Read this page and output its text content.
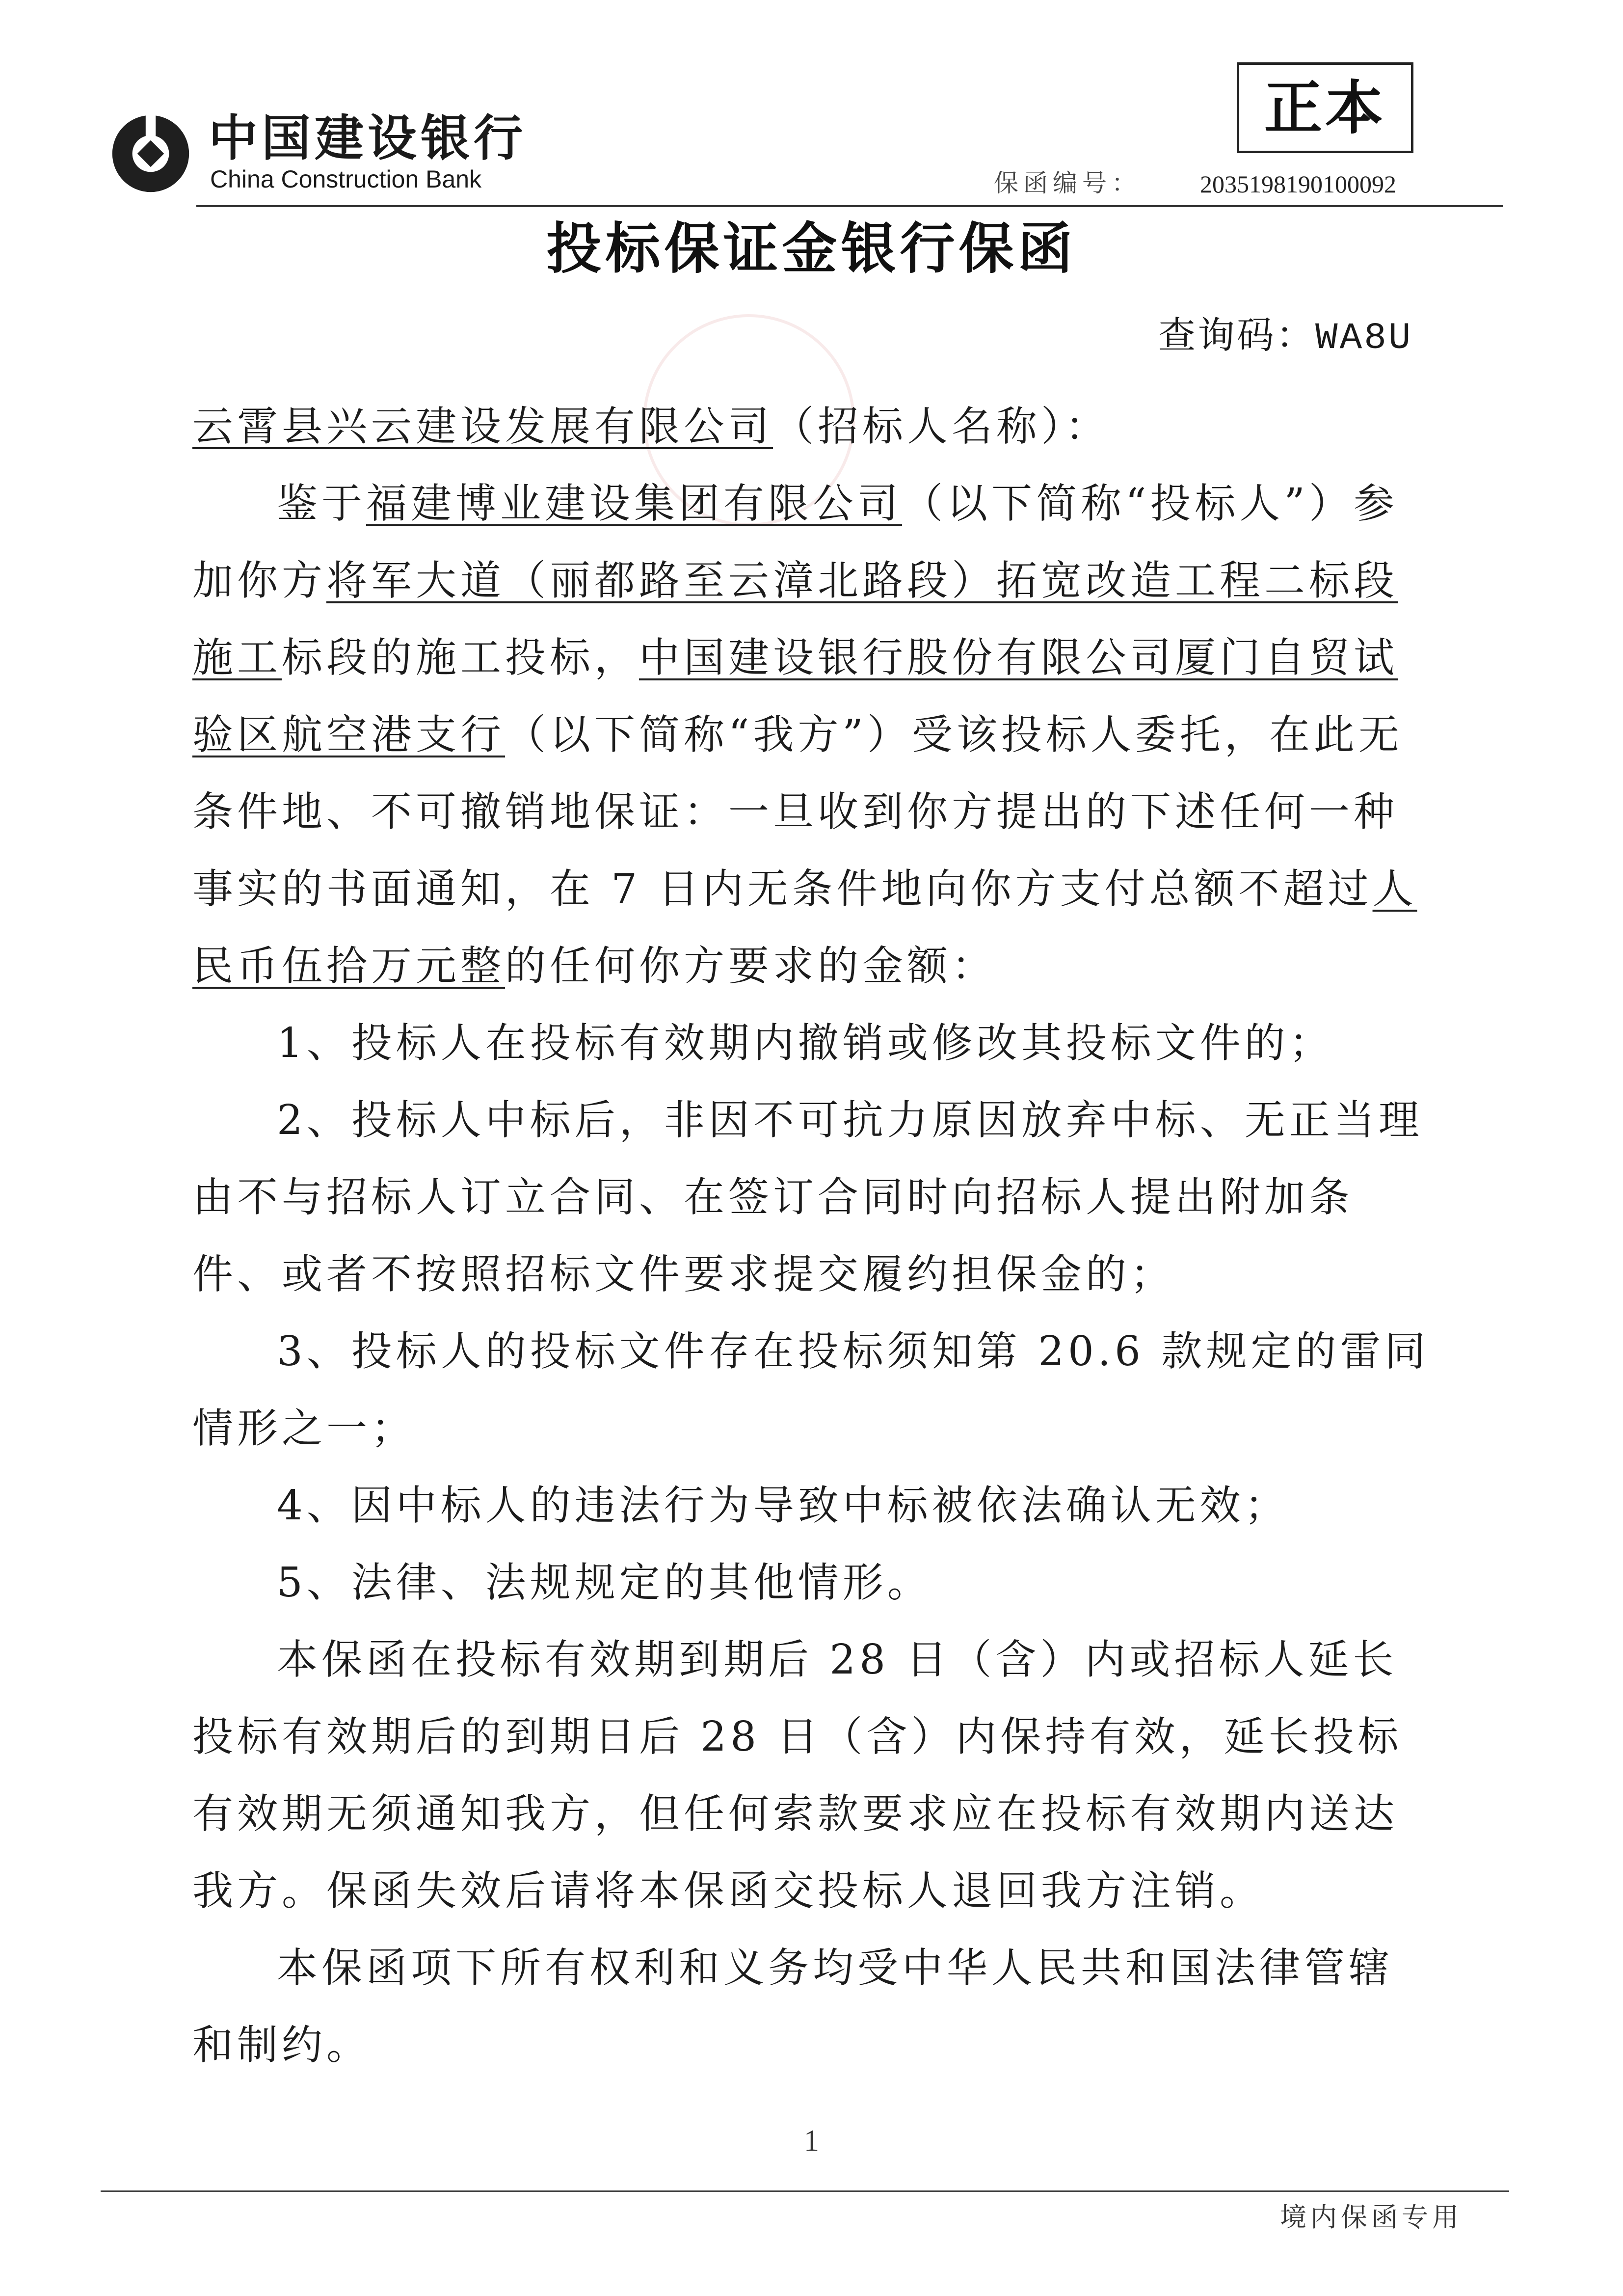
中国建设银行
China Construction Bank
正本
保函编号： 2035198190100092
投标保证金银行保函
查询码：WA8U

云霄县兴云建设发展有限公司（招标人名称）：

鉴于福建博业建设集团有限公司（以下简称“投标人”）参加你方将军大道（丽都路至云漳北路段）拓宽改造工程二标段施工标段的施工投标，中国建设银行股份有限公司厦门自贸试验区航空港支行（以下简称“我方”）受该投标人委托，在此无条件地、不可撤销地保证：一旦收到你方提出的下述任何一种事实的书面通知，在 7 日内无条件地向你方支付总额不超过人民币伍拾万元整的任何你方要求的金额：

1、投标人在投标有效期内撤销或修改其投标文件的；

2、投标人中标后，非因不可抗力原因放弃中标、无正当理由不与招标人订立合同、在签订合同时向招标人提出附加条件、或者不按照招标文件要求提交履约担保金的；

3、投标人的投标文件存在投标须知第 20.6 款规定的雷同情形之一；

4、因中标人的违法行为导致中标被依法确认无效；

5、法律、法规规定的其他情形。

本保函在投标有效期到期后 28 日（含）内或招标人延长投标有效期后的到期日后 28 日（含）内保持有效，延长投标有效期无须通知我方，但任何索款要求应在投标有效期内送达我方。保函失效后请将本保函交投标人退回我方注销。

本保函项下所有权利和义务均受中华人民共和国法律管辖和制约。

1
境内保函专用
